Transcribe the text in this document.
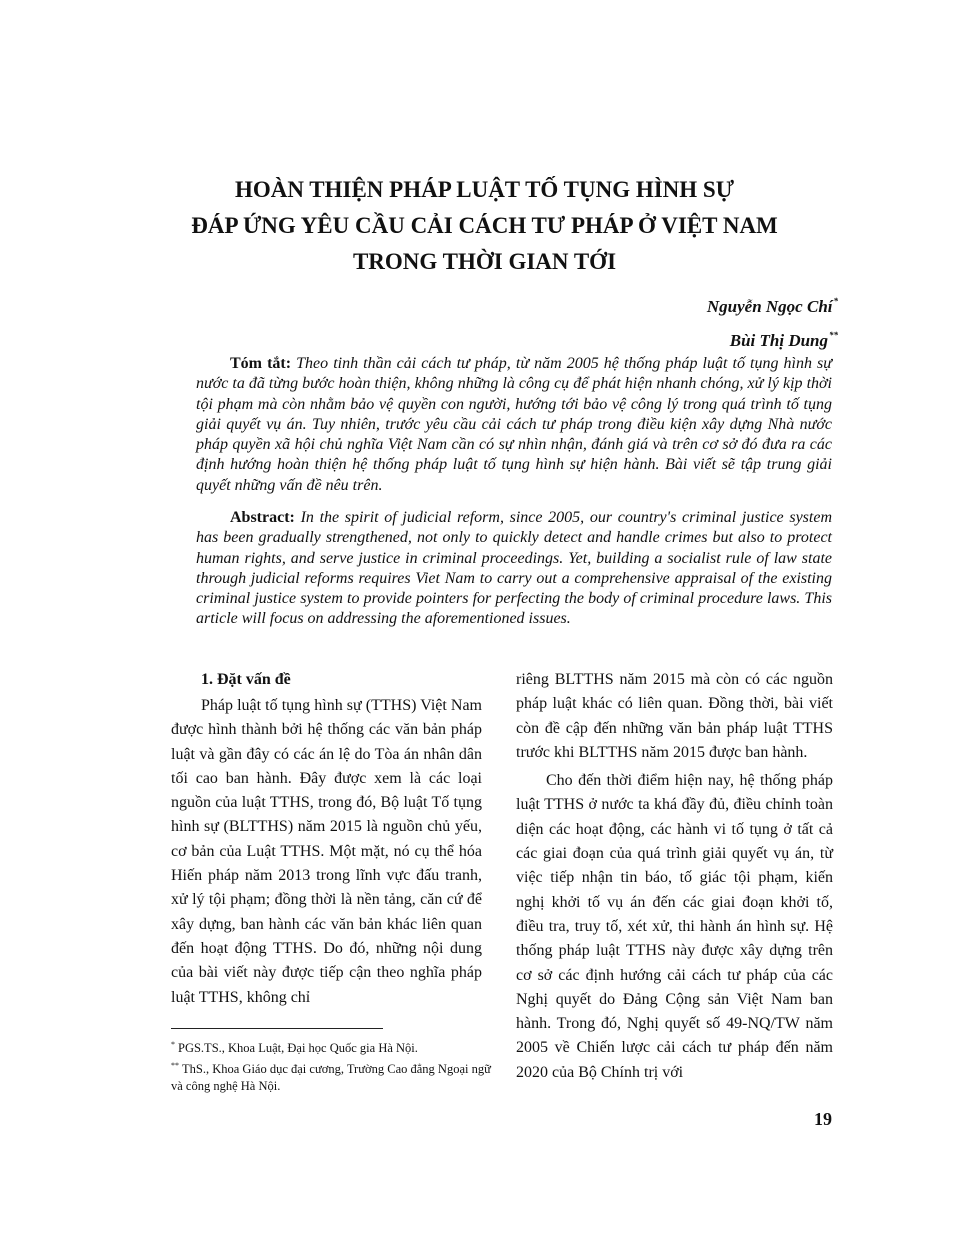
HOÀN THIỆN PHÁP LUẬT TỐ TỤNG HÌNH SỰ
ĐÁP ỨNG YÊU CẦU CẢI CÁCH TƯ PHÁP Ở VIỆT NAM
TRONG THỜI GIAN TỚI
Nguyễn Ngọc Chí*
Bùi Thị Dung**

Tóm tắt: Theo tinh thần cải cách tư pháp, từ năm 2005 hệ thống pháp luật tố tụng hình sự nước ta đã từng bước hoàn thiện, không những là công cụ để phát hiện nhanh chóng, xử lý kịp thời tội phạm mà còn nhằm bảo vệ quyền con người, hướng tới bảo vệ công lý trong quá trình tố tụng giải quyết vụ án. Tuy nhiên, trước yêu cầu cải cách tư pháp trong điều kiện xây dựng Nhà nước pháp quyền xã hội chủ nghĩa Việt Nam cần có sự nhìn nhận, đánh giá và trên cơ sở đó đưa ra các định hướng hoàn thiện hệ thống pháp luật tố tụng hình sự hiện hành. Bài viết sẽ tập trung giải quyết những vấn đề nêu trên.

Abstract: In the spirit of judicial reform, since 2005, our country's criminal justice system has been gradually strengthened, not only to quickly detect and handle crimes but also to protect human rights, and serve justice in criminal proceedings. Yet, building a socialist rule of law state through judicial reforms requires Viet Nam to carry out a comprehensive appraisal of the existing criminal justice system to provide pointers for perfecting the body of criminal procedure laws. This article will focus on addressing the aforementioned issues.

1. Đặt vấn đề

Pháp luật tố tụng hình sự (TTHS) Việt Nam được hình thành bởi hệ thống các văn bản pháp luật và gần đây có các án lệ do Tòa án nhân dân tối cao ban hành. Đây được xem là các loại nguồn của luật TTHS, trong đó, Bộ luật Tố tụng hình sự (BLTTHS) năm 2015 là nguồn chủ yếu, cơ bản của Luật TTHS. Một mặt, nó cụ thể hóa Hiến pháp năm 2013 trong lĩnh vực đấu tranh, xử lý tội phạm; đồng thời là nền tảng, căn cứ để xây dựng, ban hành các văn bản khác liên quan đến hoạt động TTHS. Do đó, những nội dung của bài viết này được tiếp cận theo nghĩa pháp luật TTHS, không chỉ

riêng BLTTHS năm 2015 mà còn có các nguồn pháp luật khác có liên quan. Đồng thời, bài viết còn đề cập đến những văn bản pháp luật TTHS trước khi BLTTHS năm 2015 được ban hành.

Cho đến thời điểm hiện nay, hệ thống pháp luật TTHS ở nước ta khá đầy đủ, điều chỉnh toàn diện các hoạt động, các hành vi tố tụng ở tất cả các giai đoạn của quá trình giải quyết vụ án, từ việc tiếp nhận tin báo, tố giác tội phạm, kiến nghị khởi tố vụ án đến các giai đoạn khởi tố, điều tra, truy tố, xét xử, thi hành án hình sự. Hệ thống pháp luật TTHS này được xây dựng trên cơ sở các định hướng cải cách tư pháp của các Nghị quyết do Đảng Cộng sản Việt Nam ban hành. Trong đó, Nghị quyết số 49-NQ/TW năm 2005 về Chiến lược cải cách tư pháp đến năm 2020 của Bộ Chính trị với

* PGS.TS., Khoa Luật, Đại học Quốc gia Hà Nội.

** ThS., Khoa Giáo dục đại cương, Trường Cao đẳng Ngoại ngữ và công nghệ Hà Nội.

19
